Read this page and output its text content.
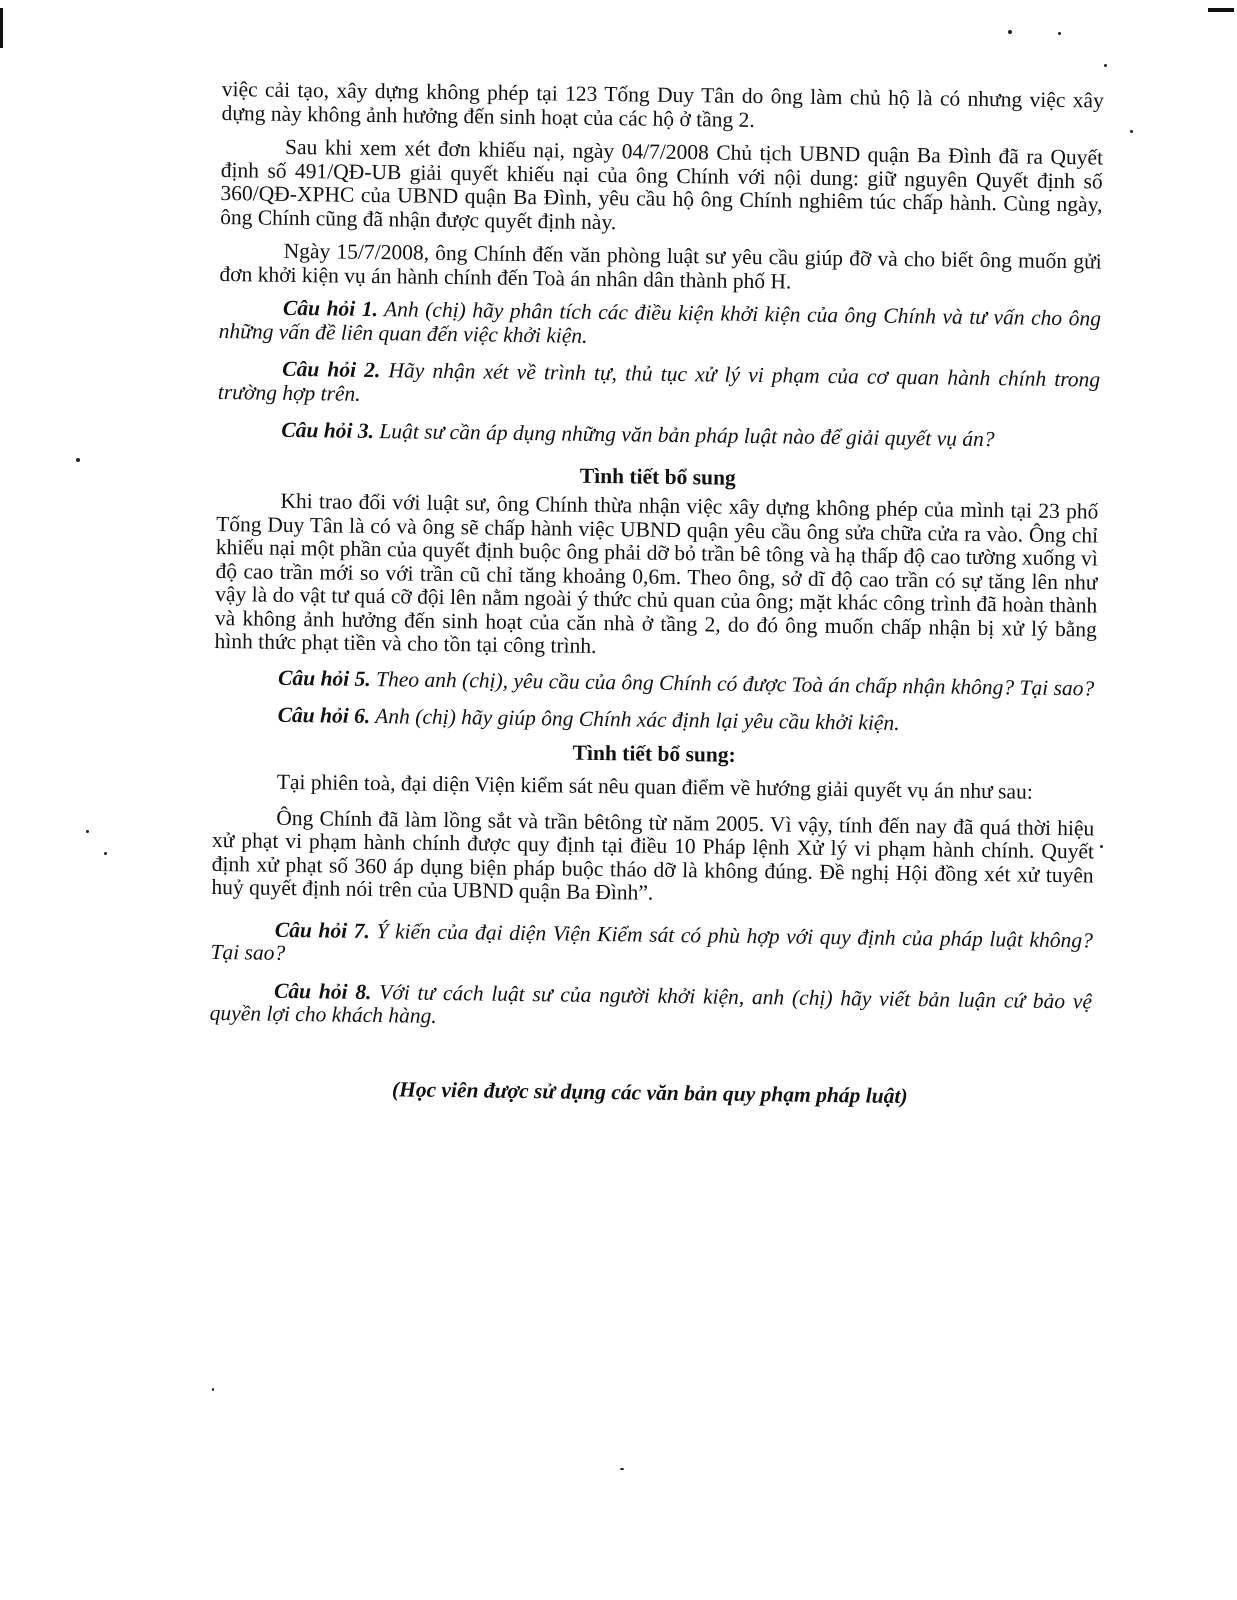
việc cải tạo, xây dựng không phép tại 123 Tống Duy Tân do ông làm chủ hộ là có nhưng việc xây dựng này không ảnh hưởng đến sinh hoạt của các hộ ở tầng 2.

Sau khi xem xét đơn khiếu nại, ngày 04/7/2008 Chủ tịch UBND quận Ba Đình đã ra Quyết định số 491/QĐ-UB giải quyết khiếu nại của ông Chính với nội dung: giữ nguyên Quyết định số 360/QĐ-XPHC của UBND quận Ba Đình, yêu cầu hộ ông Chính nghiêm túc chấp hành. Cùng ngày, ông Chính cũng đã nhận được quyết định này.

Ngày 15/7/2008, ông Chính đến văn phòng luật sư yêu cầu giúp đỡ và cho biết ông muốn gửi đơn khởi kiện vụ án hành chính đến Toà án nhân dân thành phố H.

Câu hỏi 1. Anh (chị) hãy phân tích các điều kiện khởi kiện của ông Chính và tư vấn cho ông những vấn đề liên quan đến việc khởi kiện.

Câu hỏi 2. Hãy nhận xét về trình tự, thủ tục xử lý vi phạm của cơ quan hành chính trong trường hợp trên.

Câu hỏi 3. Luật sư cần áp dụng những văn bản pháp luật nào để giải quyết vụ án?

Tình tiết bổ sung

Khi trao đổi với luật sư, ông Chính thừa nhận việc xây dựng không phép của mình tại 23 phố Tống Duy Tân là có và ông sẽ chấp hành việc UBND quận yêu cầu ông sửa chữa cửa ra vào. Ông chỉ khiếu nại một phần của quyết định buộc ông phải dỡ bỏ trần bê tông và hạ thấp độ cao tường xuống vì độ cao trần mới so với trần cũ chỉ tăng khoảng 0,6m. Theo ông, sở dĩ độ cao trần có sự tăng lên như vậy là do vật tư quá cỡ đội lên nằm ngoài ý thức chủ quan của ông; mặt khác công trình đã hoàn thành và không ảnh hưởng đến sinh hoạt của căn nhà ở tầng 2, do đó ông muốn chấp nhận bị xử lý bằng hình thức phạt tiền và cho tồn tại công trình.

Câu hỏi 5. Theo anh (chị), yêu cầu của ông Chính có được Toà án chấp nhận không? Tại sao?

Câu hỏi 6. Anh (chị) hãy giúp ông Chính xác định lại yêu cầu khởi kiện.

Tình tiết bổ sung:

Tại phiên toà, đại diện Viện kiểm sát nêu quan điểm về hướng giải quyết vụ án như sau:

Ông Chính đã làm lồng sắt và trần bêtông từ năm 2005. Vì vậy, tính đến nay đã quá thời hiệu xử phạt vi phạm hành chính được quy định tại điều 10 Pháp lệnh Xử lý vi phạm hành chính. Quyết định xử phạt số 360 áp dụng biện pháp buộc tháo dỡ là không đúng. Đề nghị Hội đồng xét xử tuyên huỷ quyết định nói trên của UBND quận Ba Đình”.

Câu hỏi 7. Ý kiến của đại diện Viện Kiểm sát có phù hợp với quy định của pháp luật không? Tại sao?

Câu hỏi 8. Với tư cách luật sư của người khởi kiện, anh (chị) hãy viết bản luận cứ bảo vệ quyền lợi cho khách hàng.

(Học viên được sử dụng các văn bản quy phạm pháp luật)
